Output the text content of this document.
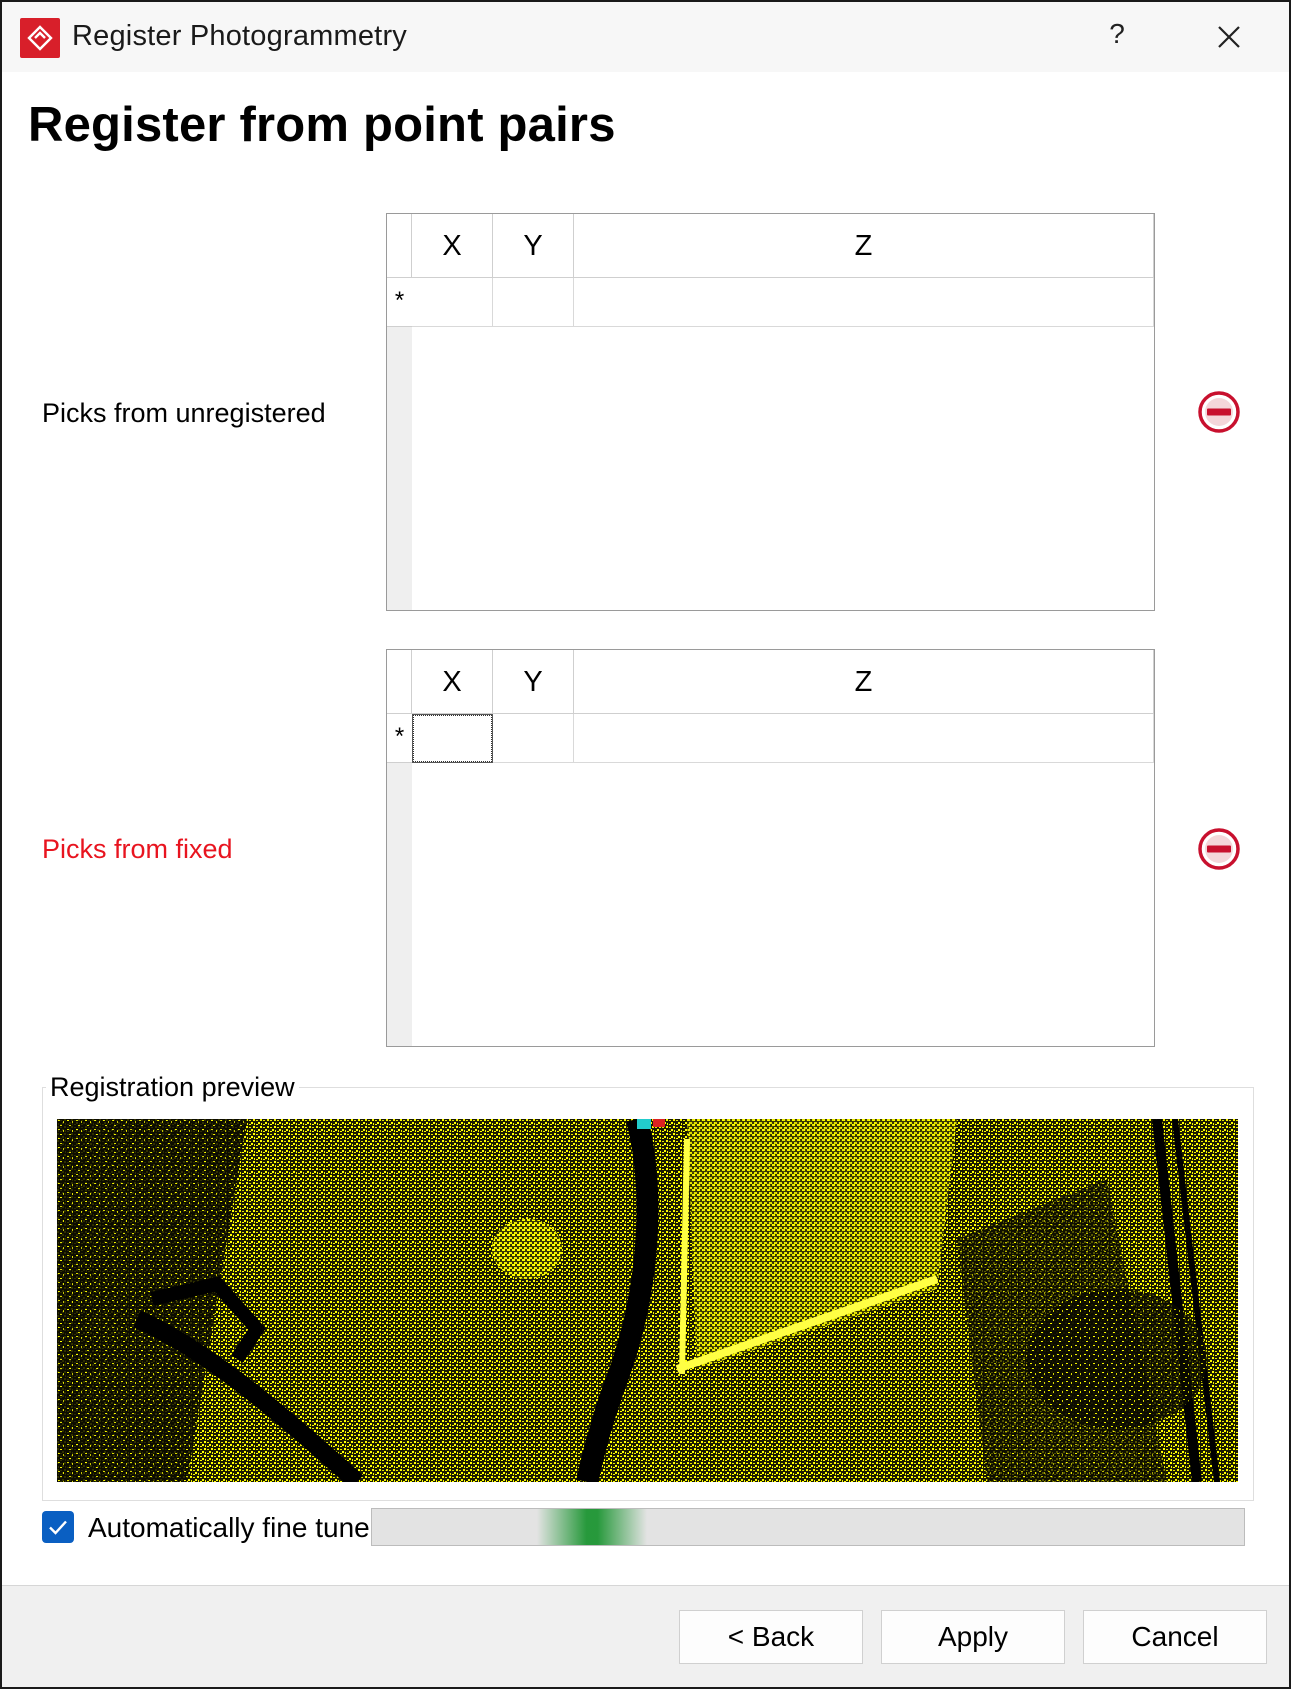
Register Photogrammetry	?
Register from point pairs
Picks from unregistered
X	Y	Z
*
Picks from fixed
X	Y	Z
*
Registration preview
Automatically fine tune
< Back	Apply	Cancel
